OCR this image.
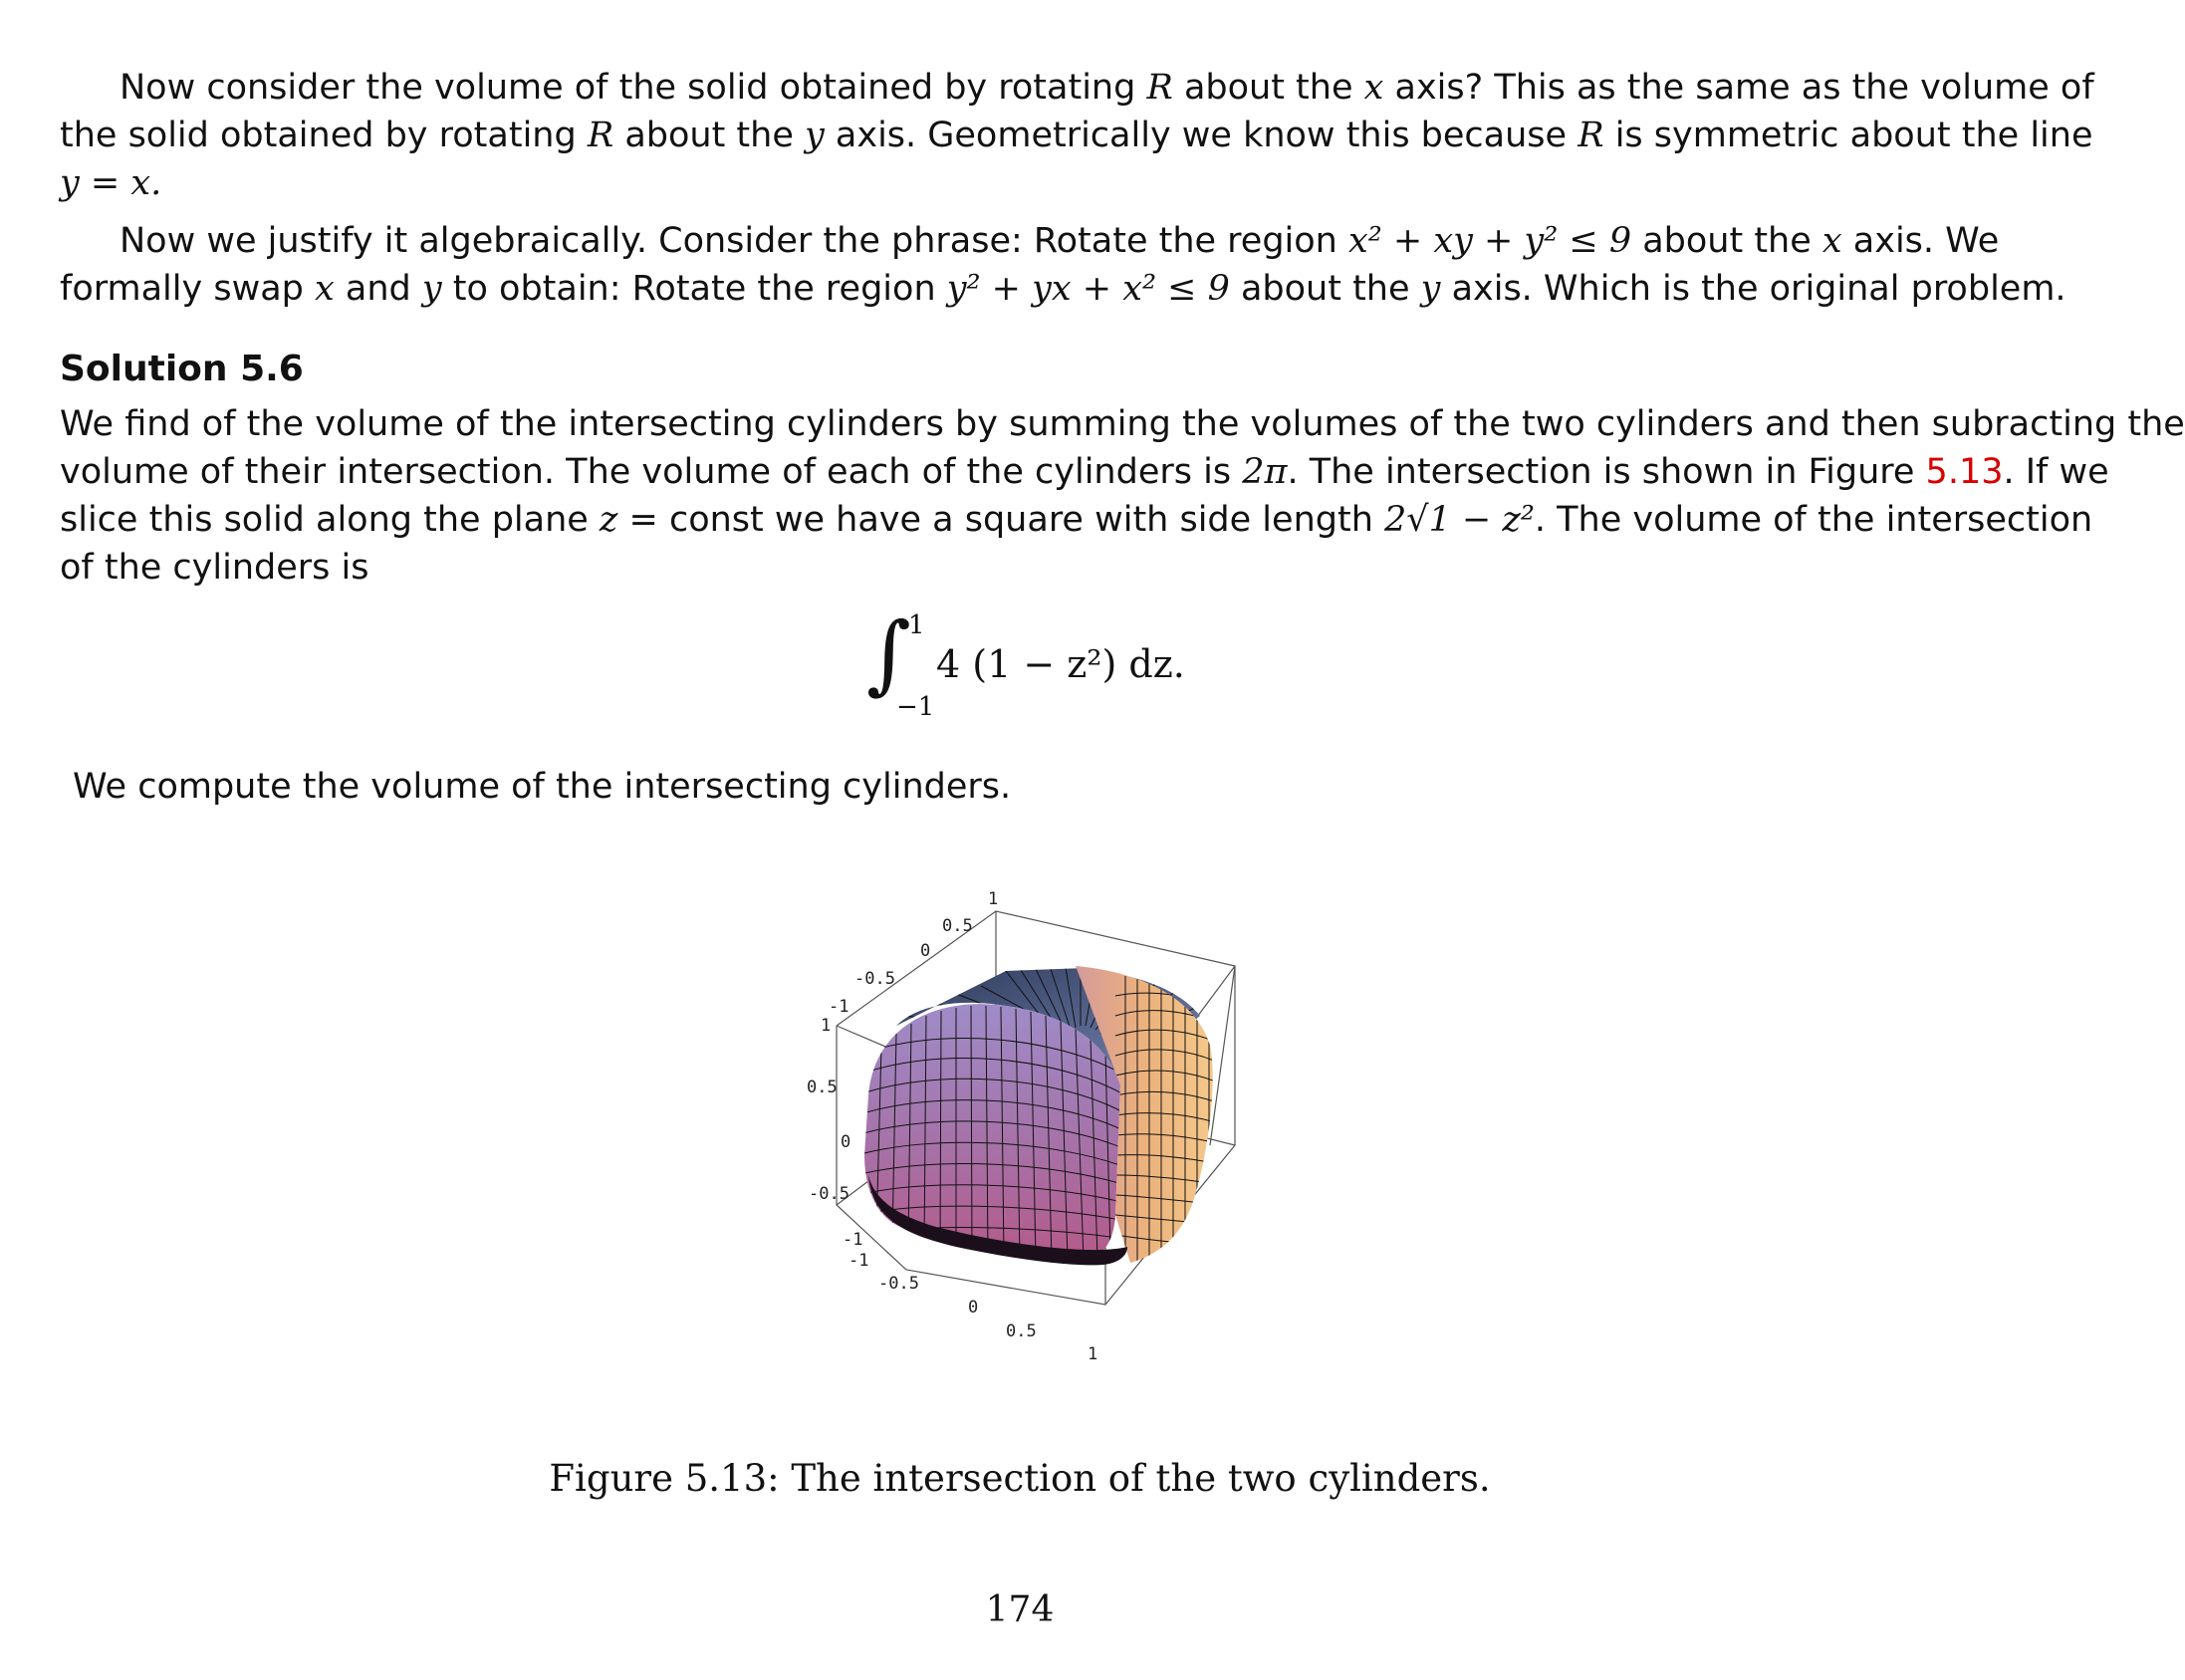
Now consider the volume of the solid obtained by rotating R about the x axis? This as the same as the volume of
the solid obtained by rotating R about the y axis. Geometrically we know this because R is symmetric about the line
y = x.
Now we justify it algebraically. Consider the phrase: Rotate the region x² + xy + y² ≤ 9 about the x axis. We
formally swap x and y to obtain: Rotate the region y² + yx + x² ≤ 9 about the y axis. Which is the original problem.
Solution 5.6
We find of the volume of the intersecting cylinders by summing the volumes of the two cylinders and then subracting the
volume of their intersection. The volume of each of the cylinders is 2π. The intersection is shown in Figure 5.13. If we
slice this solid along the plane z = const we have a square with side length 2√1 − z². The volume of the intersection
of the cylinders is
∫
1
−1
4 (1 − z²) dz.
We compute the volume of the intersecting cylinders.
1
0.5
0
-0.5
-1
1
0.5
0
-0.5
-1
-1
-0.5
0
0.5
1
Figure 5.13: The intersection of the two cylinders.
174
